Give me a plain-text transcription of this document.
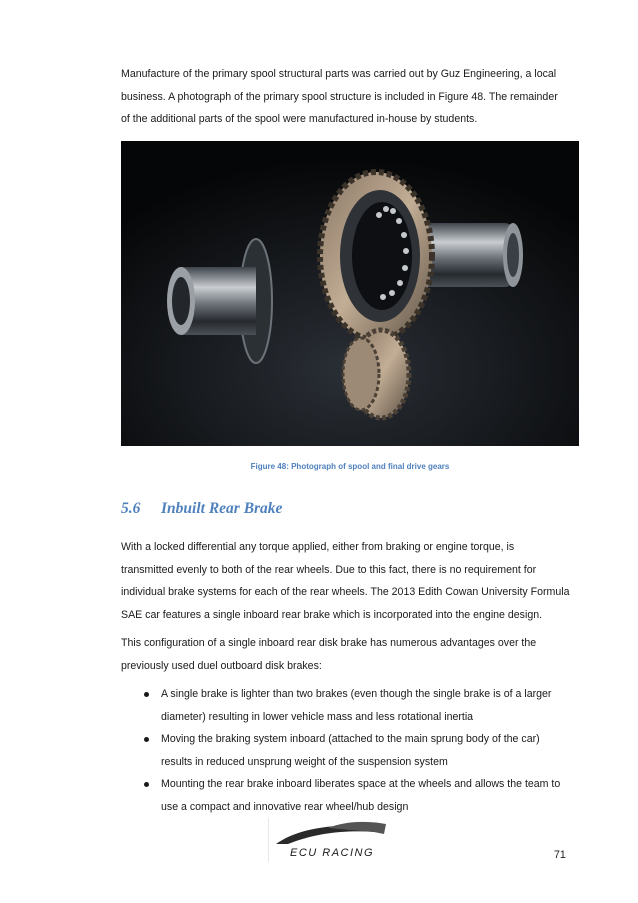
Manufacture of the primary spool structural parts was carried out by Guz Engineering, a local
business. A photograph of the primary spool structure is included in Figure 48. The remainder
of the additional parts of the spool were manufactured in-house by students.

Figure 48: Photograph of spool and final drive gears
5.6 Inbuilt Rear Brake

With a locked differential any torque applied, either from braking or engine torque, is
transmitted evenly to both of the rear wheels. Due to this fact, there is no requirement for
individual brake systems for each of the rear wheels. The 2013 Edith Cowan University Formula
SAE car features a single inboard rear brake which is incorporated into the engine design.

This configuration of a single inboard rear disk brake has numerous advantages over the
previously used duel outboard disk brakes:

A single brake is lighter than two brakes (even though the single brake is of a larger
diameter) resulting in lower vehicle mass and less rotational inertia
Moving the braking system inboard (attached to the main sprung body of the car)
results in reduced unsprung weight of the suspension system
Mounting the rear brake inboard liberates space at the wheels and allows the team to
use a compact and innovative rear wheel/hub design
ECU RACING	71
